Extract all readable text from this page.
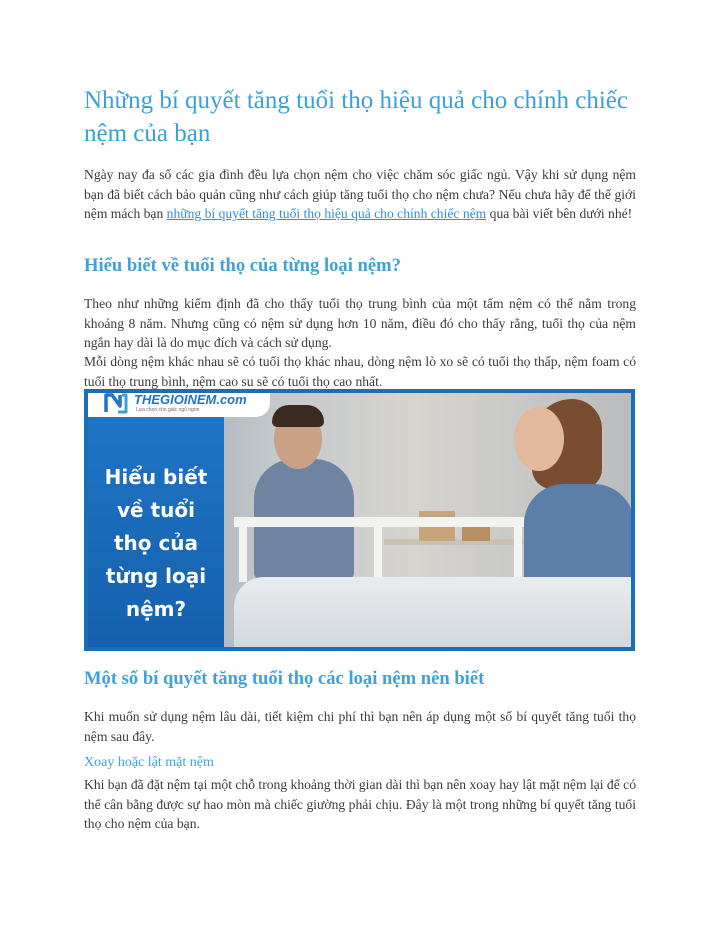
Những bí quyết tăng tuổi thọ hiệu quả cho chính chiếc nệm của bạn

Ngày nay đa số các gia đình đều lựa chọn nệm cho việc chăm sóc giấc ngủ. Vậy khi sử dụng nệm bạn đã biết cách bảo quản cũng như cách giúp tăng tuổi thọ cho nệm chưa? Nếu chưa hãy để thế giới nệm mách bạn những bí quyết tăng tuổi thọ hiệu quả cho chính chiếc nệm qua bài viết bên dưới nhé!

Hiểu biết về tuổi thọ của từng loại nệm?

Theo như những kiểm định đã cho thấy tuổi thọ trung bình của một tấm nệm có thể nằm trong khoảng 8 năm. Nhưng cũng có nệm sử dụng hơn 10 năm, điều đó cho thấy rằng, tuổi thọ của nệm ngắn hay dài là do mục đích và cách sử dụng.

Mỗi dòng nệm khác nhau sẽ có tuổi thọ khác nhau, dòng nệm lò xo sẽ có tuổi thọ thấp, nệm foam có tuổi thọ trung bình, nệm cao su sẽ có tuổi thọ cao nhất.

Hiểu biết
về tuổi
thọ của
từng loại
nệm?
THEGIOINEM.com
Lựa chọn cho giấc ngủ ngon
Một số bí quyết tăng tuổi thọ các loại nệm nên biết

Khi muốn sử dụng nệm lâu dài, tiết kiệm chi phí thì bạn nên áp dụng một số bí quyết tăng tuổi thọ nệm sau đây.

Xoay hoặc lật mặt nệm

Khi bạn đã đặt nệm tại một chỗ trong khoảng thời gian dài thì bạn nên xoay hay lật mặt nệm lại để có thể cân bằng được sự hao mòn mà chiếc giường phải chịu. Đây là một trong những bí quyết tăng tuổi thọ cho nệm của bạn.
